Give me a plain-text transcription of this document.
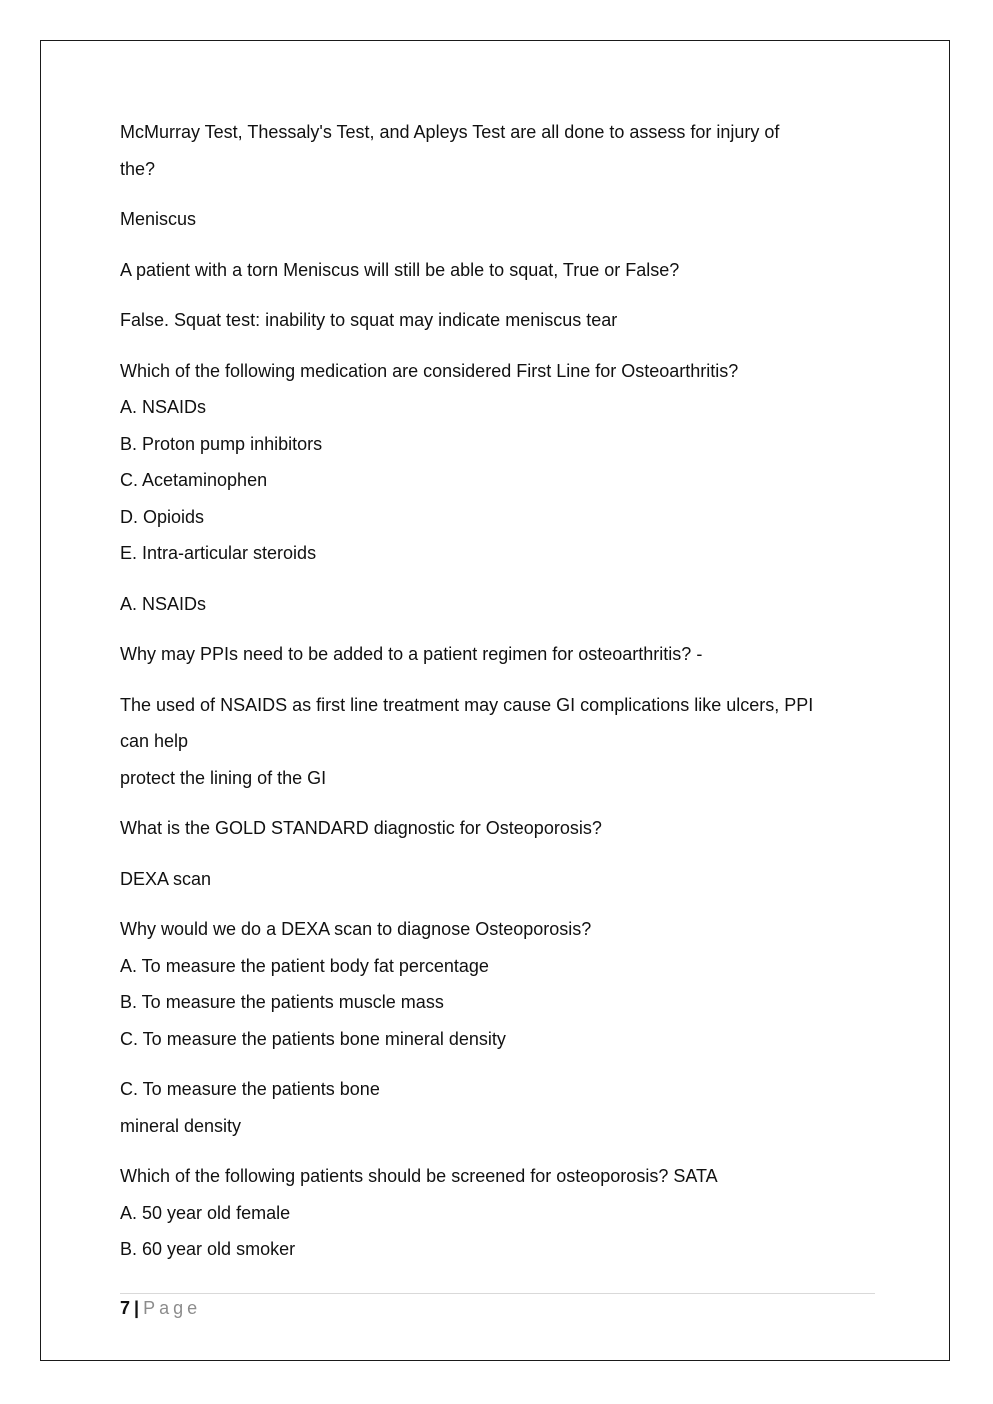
McMurray Test, Thessaly's Test, and Apleys Test are all done to assess for injury of
the?
Meniscus
A patient with a torn Meniscus will still be able to squat, True or False?
False. Squat test: inability to squat may indicate meniscus tear
Which of the following medication are considered First Line for Osteoarthritis?
A. NSAIDs
B. Proton pump inhibitors
C. Acetaminophen
D. Opioids
E. Intra-articular steroids
A. NSAIDs
Why may PPIs need to be added to a patient regimen for osteoarthritis? -
The used of NSAIDS as first line treatment may cause GI complications like ulcers, PPI
can help
protect the lining of the GI
What is the GOLD STANDARD diagnostic for Osteoporosis?
DEXA scan
Why would we do a DEXA scan to diagnose Osteoporosis?
A. To measure the patient body fat percentage
B. To measure the patients muscle mass
C. To measure the patients bone mineral density
C. To measure the patients bone
mineral density
Which of the following patients should be screened for osteoporosis? SATA
A. 50 year old female
B. 60 year old smoker
7 | Page
